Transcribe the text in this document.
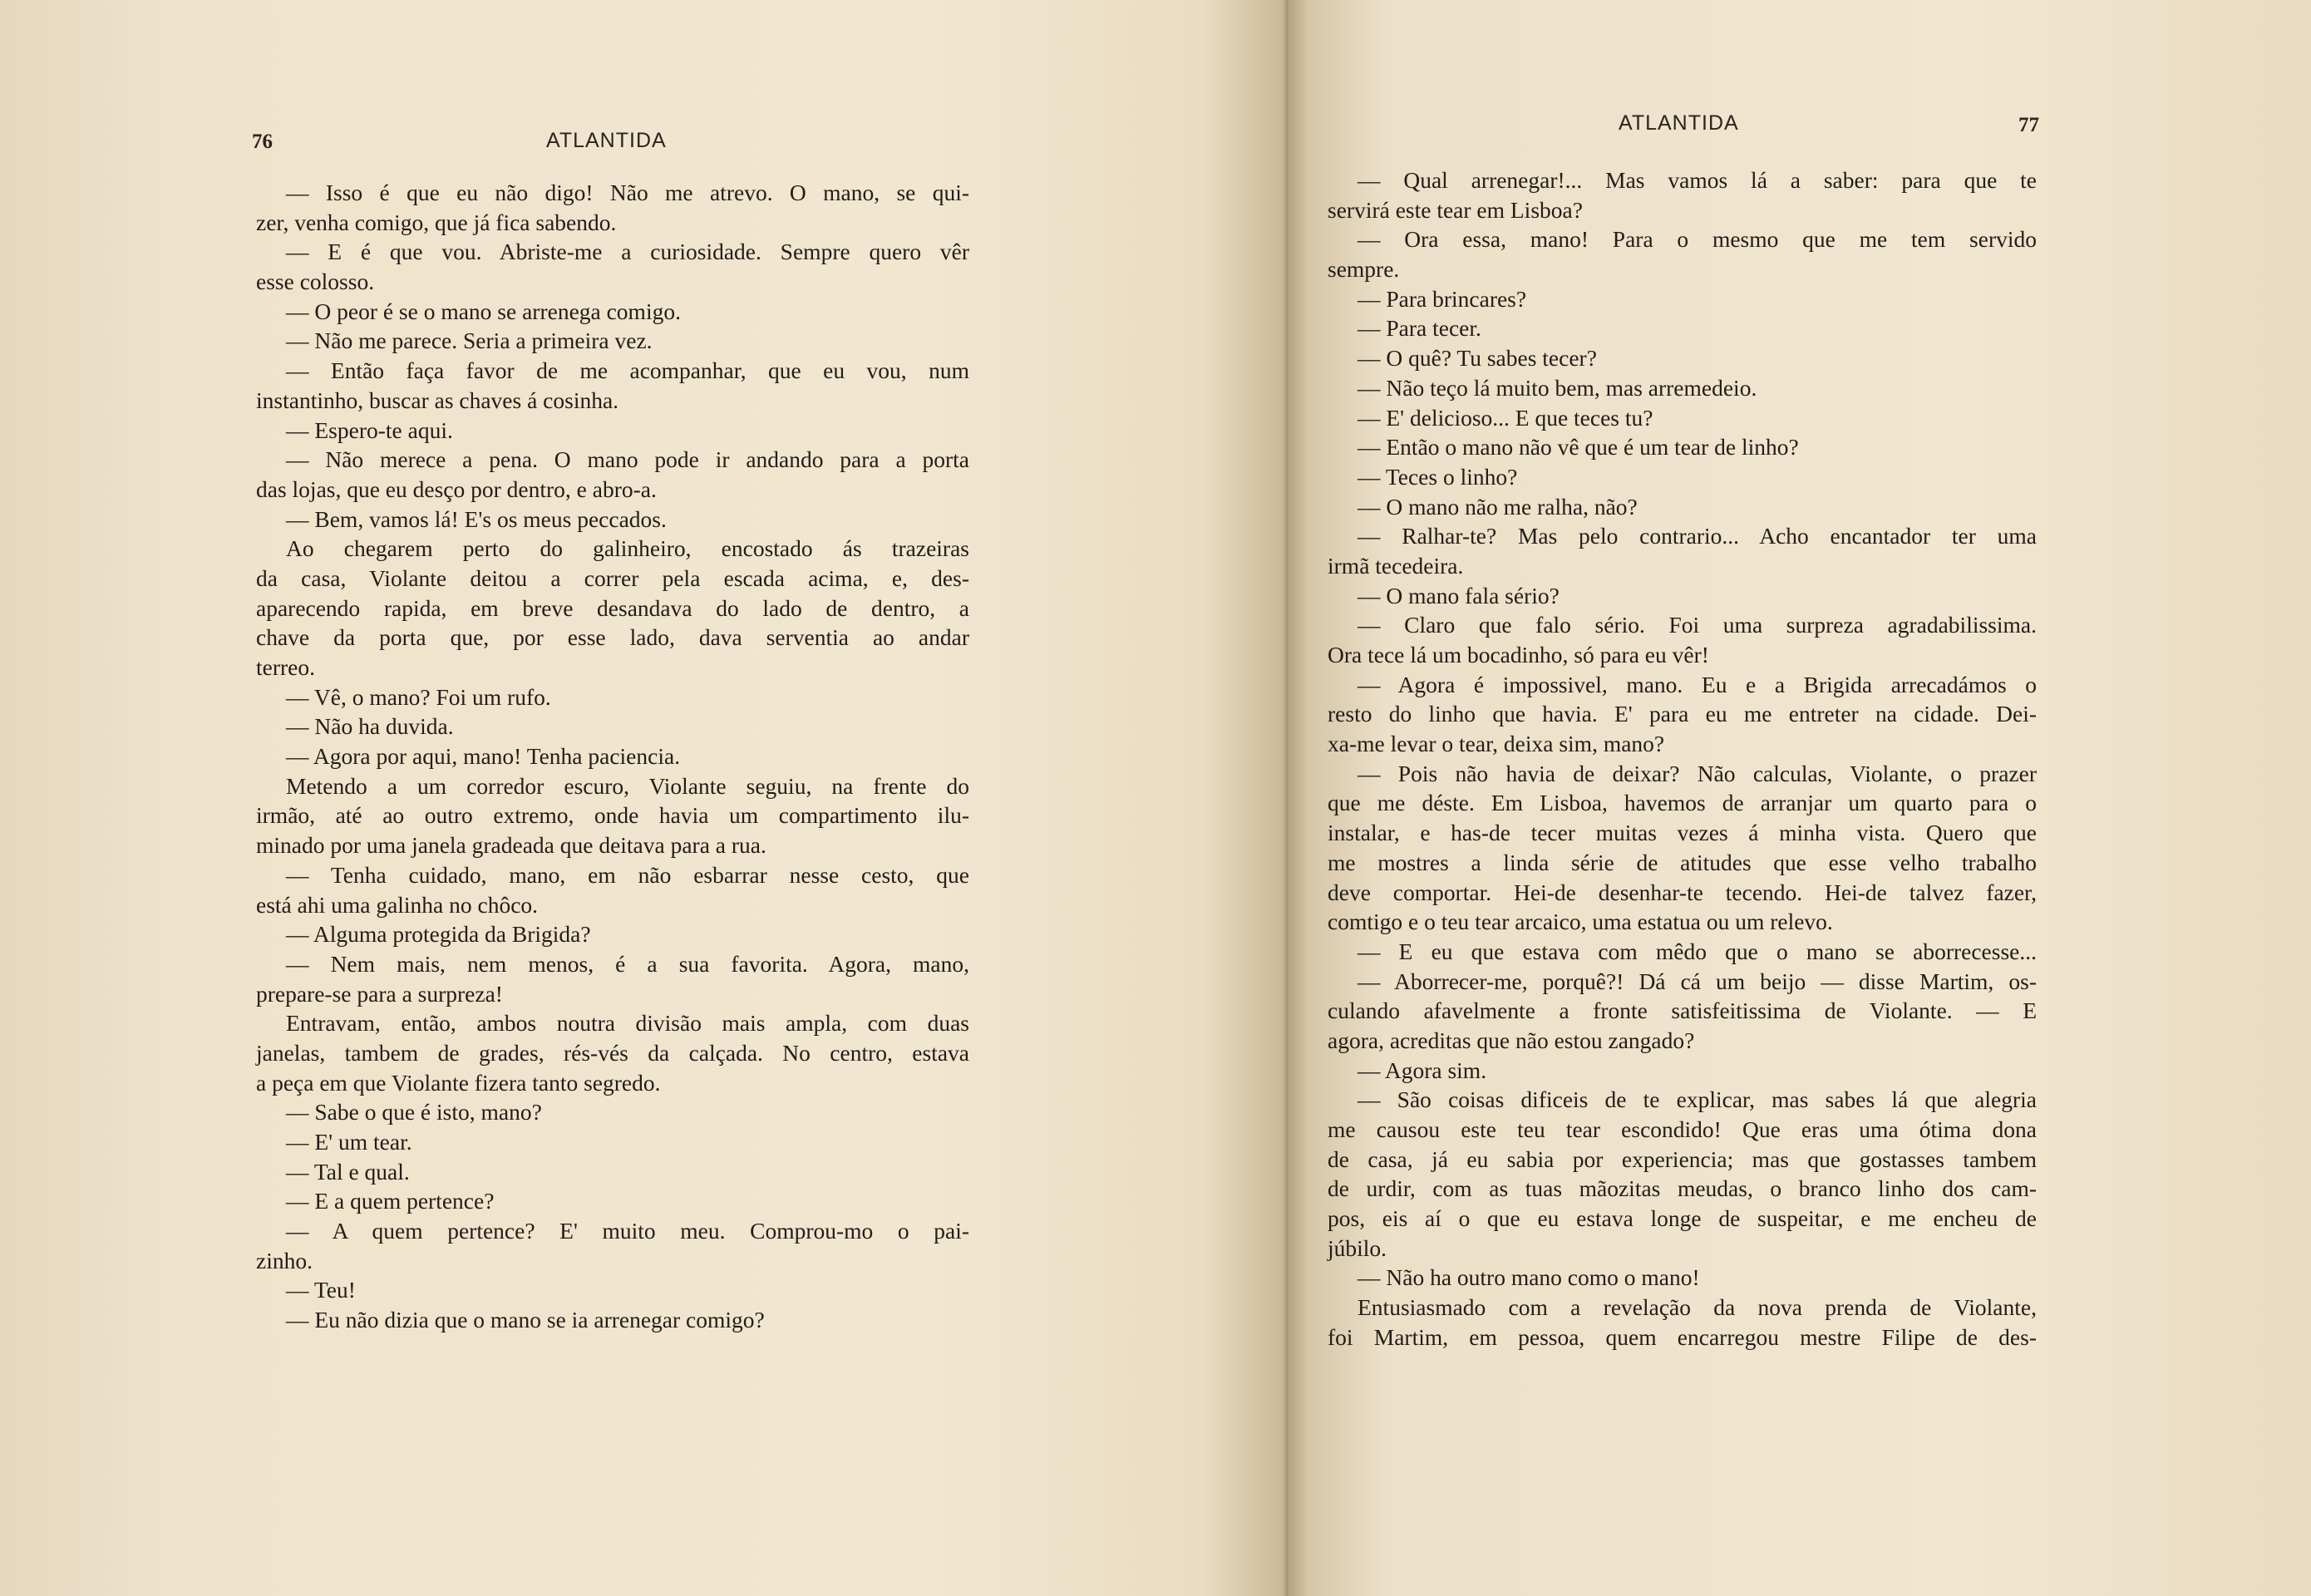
76	ATLANTIDA
— Isso é que eu não digo! Não me atrevo. O mano, se qui-
zer, venha comigo, que já fica sabendo.
— E é que vou. Abriste-me a curiosidade. Sempre quero vêr
esse colosso.
— O peor é se o mano se arrenega comigo.
— Não me parece. Seria a primeira vez.
— Então faça favor de me acompanhar, que eu vou, num
instantinho, buscar as chaves á cosinha.
— Espero-te aqui.
— Não merece a pena. O mano pode ir andando para a porta
das lojas, que eu desço por dentro, e abro-a.
— Bem, vamos lá! E's os meus peccados.
Ao chegarem perto do galinheiro, encostado ás trazeiras
da casa, Violante deitou a correr pela escada acima, e, des-
aparecendo rapida, em breve desandava do lado de dentro, a
chave da porta que, por esse lado, dava serventia ao andar
terreo.
— Vê, o mano? Foi um rufo.
— Não ha duvida.
— Agora por aqui, mano! Tenha paciencia.
Metendo a um corredor escuro, Violante seguiu, na frente do
irmão, até ao outro extremo, onde havia um compartimento ilu-
minado por uma janela gradeada que deitava para a rua.
— Tenha cuidado, mano, em não esbarrar nesse cesto, que
está ahi uma galinha no chôco.
— Alguma protegida da Brigida?
— Nem mais, nem menos, é a sua favorita. Agora, mano,
prepare-se para a surpreza!
Entravam, então, ambos noutra divisão mais ampla, com duas
janelas, tambem de grades, rés-vés da calçada. No centro, estava
a peça em que Violante fizera tanto segredo.
— Sabe o que é isto, mano?
— E' um tear.
— Tal e qual.
— E a quem pertence?
— A quem pertence? E' muito meu. Comprou-mo o pai-
zinho.
— Teu!
— Eu não dizia que o mano se ia arrenegar comigo?
ATLANTIDA	77
— Qual arrenegar!... Mas vamos lá a saber: para que te
servirá este tear em Lisboa?
— Ora essa, mano! Para o mesmo que me tem servido
sempre.
— Para brincares?
— Para tecer.
— O quê? Tu sabes tecer?
— Não teço lá muito bem, mas arremedeio.
— E' delicioso... E que teces tu?
— Então o mano não vê que é um tear de linho?
— Teces o linho?
— O mano não me ralha, não?
— Ralhar-te? Mas pelo contrario... Acho encantador ter uma
irmã tecedeira.
— O mano fala sério?
— Claro que falo sério. Foi uma surpreza agradabilissima.
Ora tece lá um bocadinho, só para eu vêr!
— Agora é impossivel, mano. Eu e a Brigida arrecadámos o
resto do linho que havia. E' para eu me entreter na cidade. Dei-
xa-me levar o tear, deixa sim, mano?
— Pois não havia de deixar? Não calculas, Violante, o prazer
que me déste. Em Lisboa, havemos de arranjar um quarto para o
instalar, e has-de tecer muitas vezes á minha vista. Quero que
me mostres a linda série de atitudes que esse velho trabalho
deve comportar. Hei-de desenhar-te tecendo. Hei-de talvez fazer,
comtigo e o teu tear arcaico, uma estatua ou um relevo.
— E eu que estava com mêdo que o mano se aborrecesse...
— Aborrecer-me, porquê?! Dá cá um beijo — disse Martim, os-
culando afavelmente a fronte satisfeitissima de Violante. — E
agora, acreditas que não estou zangado?
— Agora sim.
— São coisas dificeis de te explicar, mas sabes lá que alegria
me causou este teu tear escondido! Que eras uma ótima dona
de casa, já eu sabia por experiencia; mas que gostasses tambem
de urdir, com as tuas mãozitas meudas, o branco linho dos cam-
pos, eis aí o que eu estava longe de suspeitar, e me encheu de
júbilo.
— Não ha outro mano como o mano!
Entusiasmado com a revelação da nova prenda de Violante,
foi Martim, em pessoa, quem encarregou mestre Filipe de des-
